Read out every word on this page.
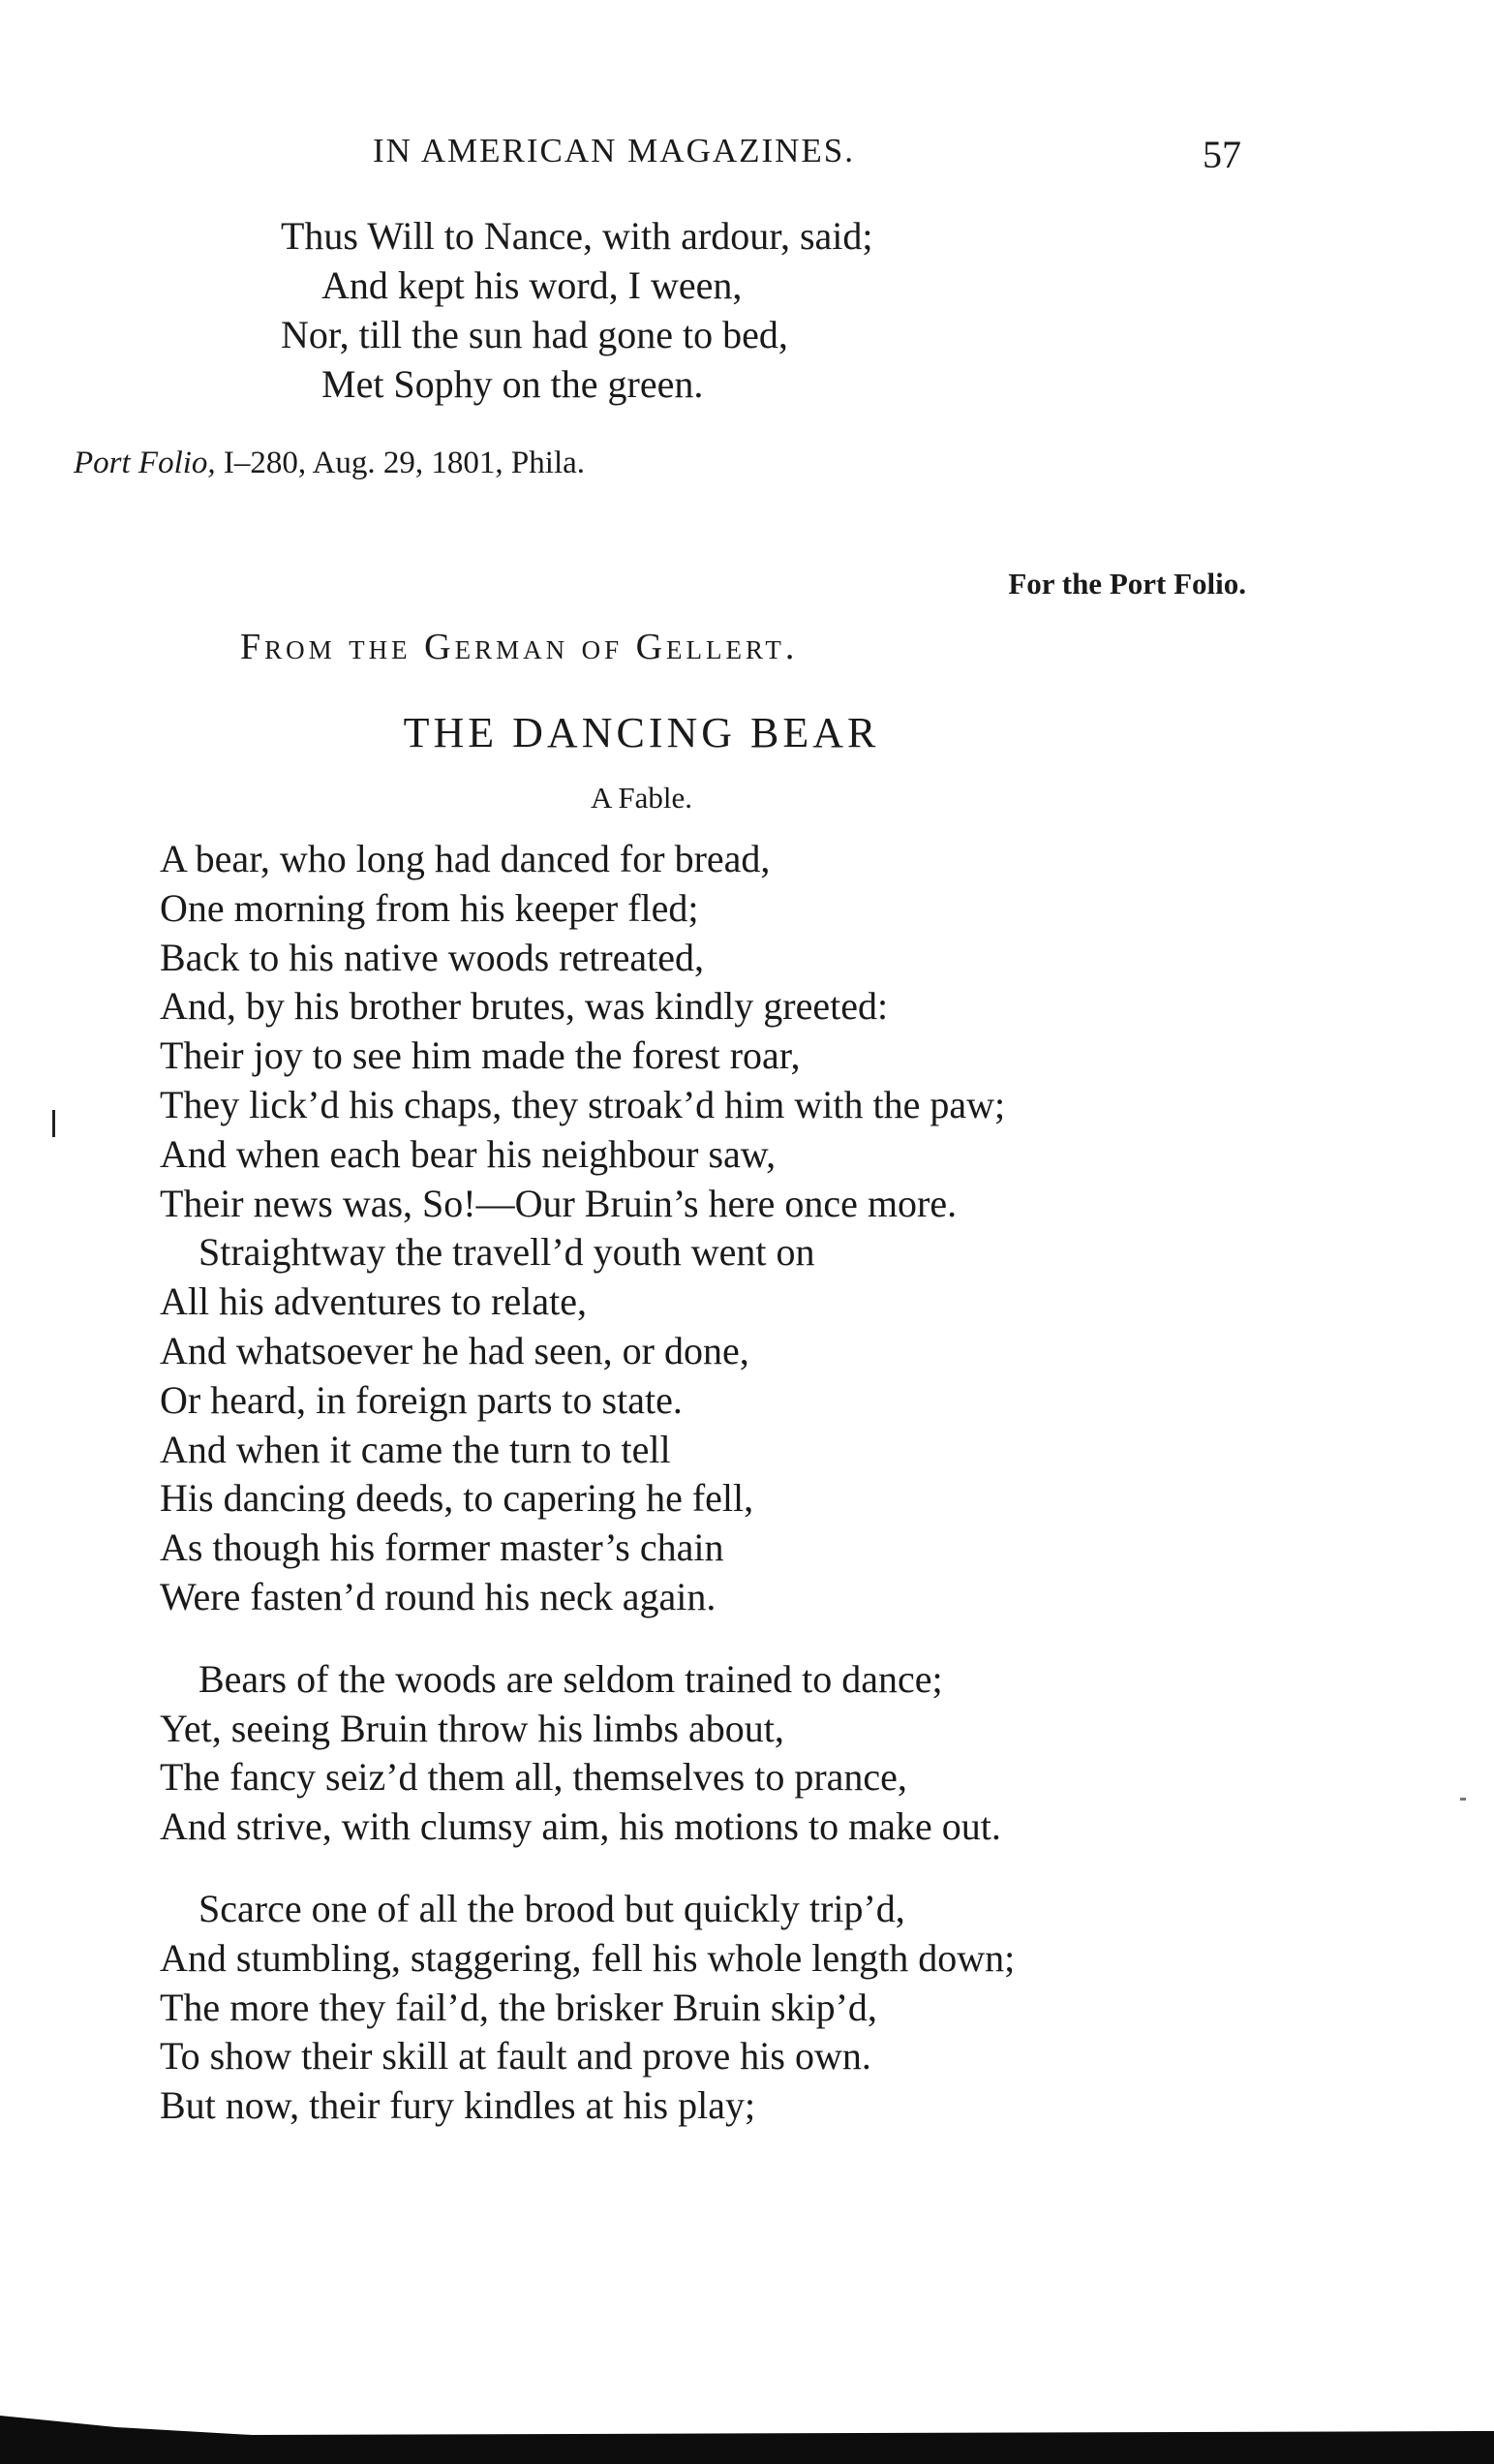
IN AMERICAN MAGAZINES.	57
Thus Will to Nance, with ardour, said;
And kept his word, I ween,
Nor, till the sun had gone to bed,
Met Sophy on the green.
Port Folio, I–280, Aug. 29, 1801, Phila.
For the Port Folio.
From the German of Gellert.
THE DANCING BEAR
A Fable.
A bear, who long had danced for bread,
One morning from his keeper fled;
Back to his native woods retreated,
And, by his brother brutes, was kindly greeted:
Their joy to see him made the forest roar,
They lick’d his chaps, they stroak’d him with the paw;
And when each bear his neighbour saw,
Their news was, So!—Our Bruin’s here once more.
Straightway the travell’d youth went on
All his adventures to relate,
And whatsoever he had seen, or done,
Or heard, in foreign parts to state.
And when it came the turn to tell
His dancing deeds, to capering he fell,
As though his former master’s chain
Were fasten’d round his neck again.
Bears of the woods are seldom trained to dance;
Yet, seeing Bruin throw his limbs about,
The fancy seiz’d them all, themselves to prance,
And strive, with clumsy aim, his motions to make out.
Scarce one of all the brood but quickly trip’d,
And stumbling, staggering, fell his whole length down;
The more they fail’d, the brisker Bruin skip’d,
To show their skill at fault and prove his own.
But now, their fury kindles at his play;
